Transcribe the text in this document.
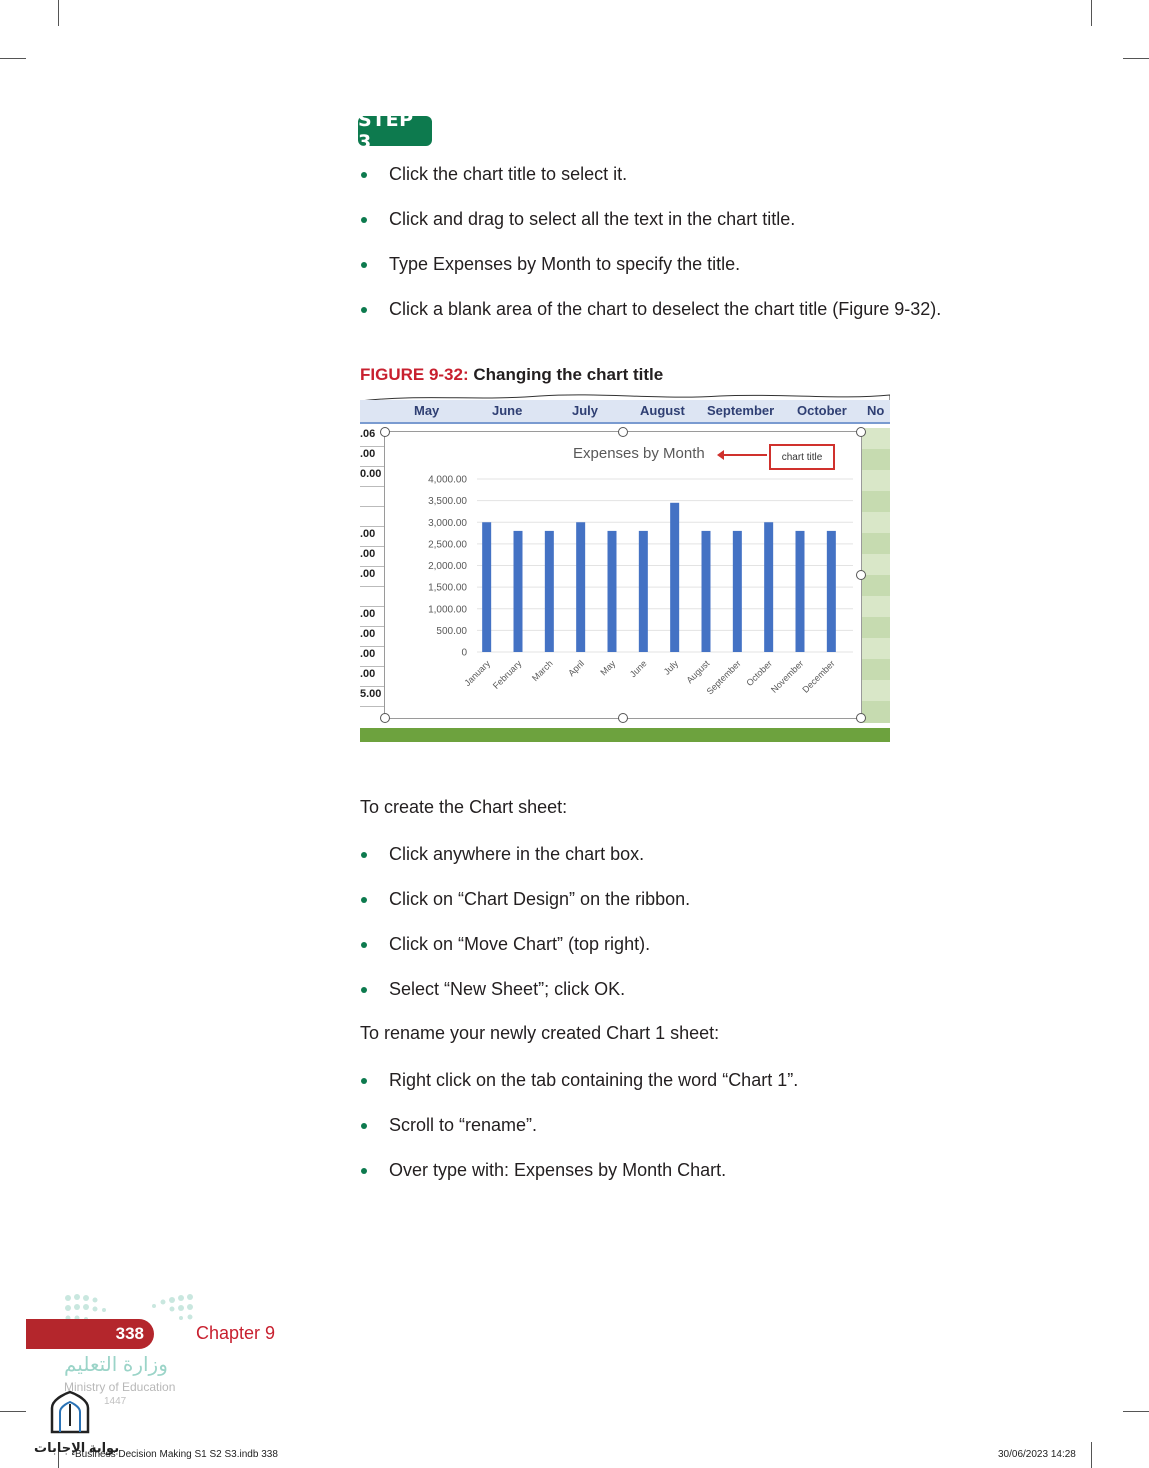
STEP 3
Click the chart title to select it.
Click and drag to select all the text in the chart title.
Type Expenses by Month to specify the title.
Click a blank area of the chart to deselect the chart title (Figure 9-32).
FIGURE 9-32: Changing the chart title
May	June	July	August September October No
.06
.00
0.00
.00
.00
.00
.00
.00
.00
.00
5.00
Expenses by Month	chart title
4,000.00
3,500.00
3,000.00
2,500.00
2,000.00
1,500.00
1,000.00
500.00
0
January
February March April May June July August
September October
November
December
To create the Chart sheet:
Click anywhere in the chart box.
Click on “Chart Design” on the ribbon.
Click on “Move Chart” (top right).
Select “New Sheet”; click OK.
To rename your newly created Chart 1 sheet:
Right click on the tab containing the word “Chart 1”.
Scroll to “rename”.
Over type with: Expenses by Month Chart.
338	Chapter 9
وزارة التعليم
Ministry of Education
1447
بوابة الإجابات
Business Decision Making S1 S2 S3.indb 338	30/06/2023 14:28
